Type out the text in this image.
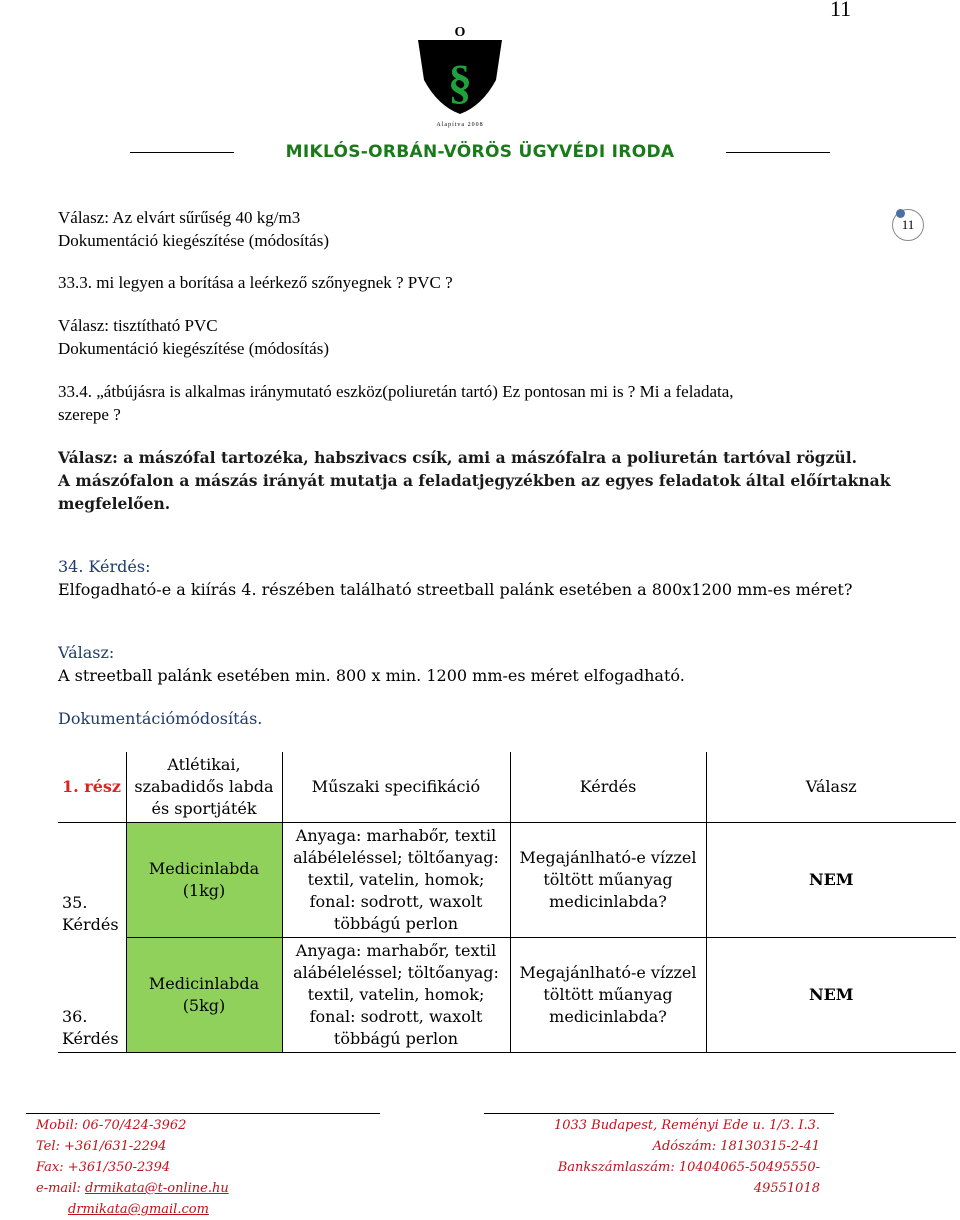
11
O
M	V
§
Alapítva 2008
MIKLÓS-ORBÁN-VÖRÖS ÜGYVÉDI IRODA
11
Válasz: Az elvárt sűrűség 40 kg/m3
Dokumentáció kiegészítése (módosítás)
33.3. mi legyen a borítása a leérkező szőnyegnek ? PVC ?
Válasz: tisztítható PVC
Dokumentáció kiegészítése (módosítás)
33.4. „átbújásra is alkalmas iránymutató eszköz(poliuretán tartó) Ez pontosan mi is ? Mi a feladata,
szerepe ?
Válasz: a mászófal tartozéka, habszivacs csík, ami a mászófalra a poliuretán tartóval rögzül.
A mászófalon a mászás irányát mutatja a feladatjegyzékben az egyes feladatok által előírtaknak
megfelelően.
34. Kérdés:
Elfogadható-e a kiírás 4. részében található streetball palánk esetében a 800x1200 mm-es méret?
Válasz:
A streetball palánk esetében min. 800 x min. 1200 mm-es méret elfogadható.
Dokumentációmódosítás.
1. rész	Atlétikai, szabadidős labda és sportjáték	Műszaki specifikáció	Kérdés	Válasz
35. Kérdés	Medicinlabda (1kg)	Anyaga: marhabőr, textil alábéleléssel; töltőanyag: textil, vatelin, homok; fonal: sodrott, waxolt többágú perlon	Megajánlható-e vízzel töltött műanyag medicinlabda?	NEM
36. Kérdés	Medicinlabda (5kg)	Anyaga: marhabőr, textil alábéleléssel; töltőanyag: textil, vatelin, homok; fonal: sodrott, waxolt többágú perlon	Megajánlható-e vízzel töltött műanyag medicinlabda?	NEM
Mobil: 06-70/424-3962
Tel: +361/631-2294
Fax: +361/350-2394
e-mail: drmikata@t-online.hu
drmikata@gmail.com
1033 Budapest, Reményi Ede u. 1/3. I.3.
Adószám: 18130315-2-41
Bankszámlaszám: 10404065-50495550-49551018
